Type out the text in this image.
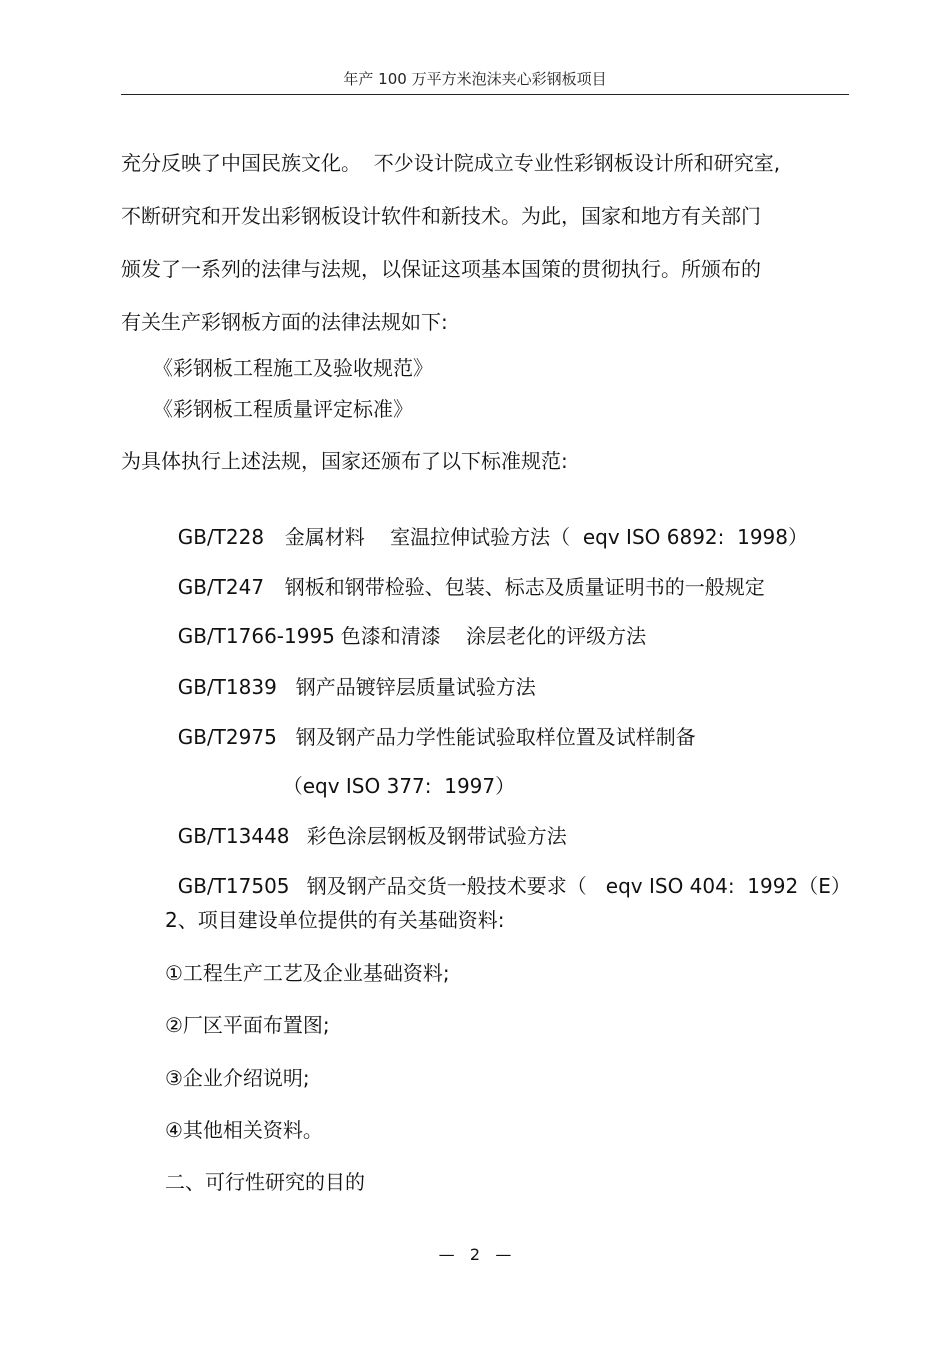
年产 100 万平方米泡沫夹心彩钢板项目
充分反映了中国民族文化。  不少设计院成立专业性彩钢板设计所和研究室,
不断研究和开发出彩钢板设计软件和新技术。为此，国家和地方有关部门
颁发了一系列的法律与法规，以保证这项基本国策的贯彻执行。所颁布的
有关生产彩钢板方面的法律法规如下:
《彩钢板工程施工及验收规范》
《彩钢板工程质量评定标准》
为具体执行上述法规，国家还颁布了以下标准规范:

GB/T228 金属材料    室温拉伸试验方法（  eqv ISO 6892:  1998）

GB/T247 钢板和钢带检验、包装、标志及质量证明书的一般规定

GB/T1766-1995 色漆和清漆    涂层老化的评级方法

GB/T1839 钢产品镀锌层质量试验方法

GB/T2975 钢及钢产品力学性能试验取样位置及试样制备

（eqv ISO 377:  1997）

GB/T13448 彩色涂层钢板及钢带试验方法

GB/T17505 钢及钢产品交货一般技术要求（   eqv ISO 404:  1992（E）

2、项目建设单位提供的有关基础资料:
①工程生产工艺及企业基础资料;
②厂区平面布置图;
③企业介绍说明;
④其他相关资料。
二、可行性研究的目的
—   2   —
